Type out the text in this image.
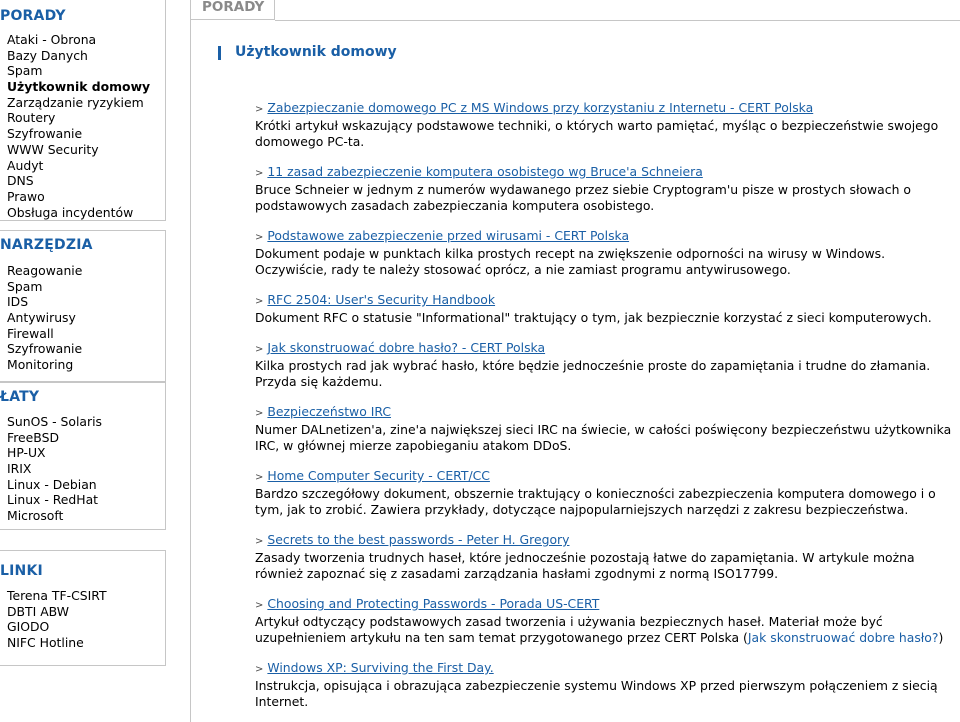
PORADY
Ataki - Obrona
Bazy Danych
Spam
Użytkownik domowy
Zarządzanie ryzykiem
Routery
Szyfrowanie
WWW Security
Audyt
DNS
Prawo
Obsługa incydentów
NARZĘDZIA
Reagowanie
Spam
IDS
Antywirusy
Firewall
Szyfrowanie
Monitoring
ŁATY
SunOS - Solaris
FreeBSD
HP-UX
IRIX
Linux - Debian
Linux - RedHat
Microsoft
LINKI
Terena TF-CSIRT
DBTI ABW
GIODO
NIFC Hotline
PORADY
Użytkownik domowy
> Zabezpieczanie domowego PC z MS Windows przy korzystaniu z Internetu - CERT Polska
Krótki artykuł wskazujący podstawowe techniki, o których warto pamiętać, myśląc o bezpieczeństwie swojego domowego PC-ta.
> 11 zasad zabezpieczenie komputera osobistego wg Bruce'a Schneiera
Bruce Schneier w jednym z numerów wydawanego przez siebie Cryptogram'u pisze w prostych słowach o podstawowych zasadach zabezpieczania komputera osobistego.
> Podstawowe zabezpieczenie przed wirusami - CERT Polska
Dokument podaje w punktach kilka prostych recept na zwiększenie odporności na wirusy w Windows. Oczywiście, rady te należy stosować oprócz, a nie zamiast programu antywirusowego.
> RFC 2504: User's Security Handbook
Dokument RFC o statusie "Informational" traktujący o tym, jak bezpiecznie korzystać z sieci komputerowych.
> Jak skonstruować dobre hasło? - CERT Polska
Kilka prostych rad jak wybrać hasło, które będzie jednocześnie proste do zapamiętania i trudne do złamania. Przyda się każdemu.
> Bezpieczeństwo IRC
Numer DALnetizen'a, zine'a największej sieci IRC na świecie, w całości poświęcony bezpieczeństwu użytkownika IRC, w głównej mierze zapobieganiu atakom DDoS.
> Home Computer Security - CERT/CC
Bardzo szczegółowy dokument, obszernie traktujący o konieczności zabezpieczenia komputera domowego i o tym, jak to zrobić. Zawiera przykłady, dotyczące najpopularniejszych narzędzi z zakresu bezpieczeństwa.
> Secrets to the best passwords - Peter H. Gregory
Zasady tworzenia trudnych haseł, które jednocześnie pozostają łatwe do zapamiętania. W artykule można również zapoznać się z zasadami zarządzania hasłami zgodnymi z normą ISO17799.
> Choosing and Protecting Passwords - Porada US-CERT
Artykuł odtyczący podstawowych zasad tworzenia i używania bezpiecznych haseł. Materiał może być uzupełnieniem artykułu na ten sam temat przygotowanego przez CERT Polska (Jak skonstruować dobre hasło?)
> Windows XP: Surviving the First Day.
Instrukcja, opisująca i obrazująca zabezpieczenie systemu Windows XP przed pierwszym połączeniem z siecią Internet.
